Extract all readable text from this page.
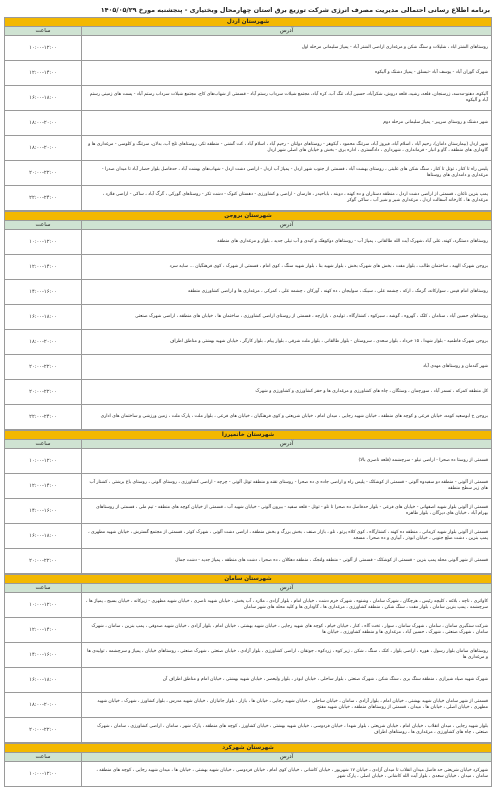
برنامه اطلاع رسانی احتمالی مدیریت مصرف انرژی شرکت توزیع برق استان چهارمحال وبختیاری - پنجشنبه مورخ ۱۴۰۵/۰۵/۲۹
شهرستان اردل
آدرس
ساعت
روستاهای الشتر اباد ، شلیلات و سنگ شکن و مرغداری اراضی الشتر آباد - پمپاژ سلیمانی مرحله اول
۱۰:۰۰-۱۲:۰۰
شهرک گوران آباد - یوسف آباد -تبسلق - پمپاژ دشتک و آلیکوه
۱۲:۰۰-۱۴:۰۰
آلیکوه، دهنو-مدسه، زرسنجان، قلعه، رشید، قلعه دروش، شکرآباد، حسین آباد، تنگ آب، کره آباد، مجتمع شیلات سرداب رستم آباد - قسمتی از شهاب‌های کاج، مجتمع شیلات سرداب رستم آباد - پست های زمینی رستم آباد و آلیکوه
۱۶:۰۰-۱۸:۰۰
شهر دشتک و روستای سرپیر - پمپاژ سلیمانی مرحله دوم
۱۸:۰۰-۲۰:۰۰
شهر اردل (بیمارستان دامان)، رحیم آباد ، اسلام آباد، فیروز آباد، سرتنگ محمود ، آبکوهر - روستاهای دولتان - رحیم آباد ، اسلام آباد ، کت گشنی - منطقه تکر، روستاهای تلخ آب، بدلان، سرتنگ و کلوسی - مرغداری ها و گاوداری های منطقه ، گاو و انبار - فرمانداری ، شهرداری ، دادگستری ، اداره برق - بخش و خیابان های اصلی شهر اردل
۱۸:۰۰-۲۰:۰۰
پلیس راه تا کنار ، توتل تا کنار ، سنگ شکن های علیتی ، روستای بهشت آباد ، قسمتی از جنوب شهر اردل - پمپاژ آب اردل - اراضی دشت اردل - شهاب‌های بهشت آباد ، حدفاصل بلوار حصار آباد تا میدان صدرا - مرغداری و دامداری های روستاها
۲۰:۰۰-۲۲:۰۰
پمپ بنزین ناغان ، قسمتی از اراضی دشت اردل ، منطقه دستاران و ده کهنه ، دوبنه ، باباحیدر ، فارسان - اراضی و کشاورزی - دهستان کنوک - دشت تکر - روستاهای گورکی ، گرگ آباد ، ساکی - اراضی فلارد ، مرغداری ها ، کارخانه آسفالت اردل ، مرغداری شیر و شیر آب ، ساکی گوکر
۲۲:۰۰-۲۴:۰۰
شهرستان بروجن
آدرس
ساعت
روستاهای دستگرد، کهنه، علی آباد ،شهرک آیت الله طالقانی ، پمپاژ آب - روستاهای دوکوهک و کیدی و آب نیلی جدید ، بلوار و مرغداری های منطقه
۱۰:۰۰-۱۲:۰۰
بروجن شهرک الهیه ، ساختمان طالب ، بلوار مفت ، بخش های شهرک بخش ، بلوار شهید بنا ، بلوار شهید سنگ ، کوی امام ، قسمتی از شهرک ، کوی فرهنگیان ... سایه سرد
۱۲:۰۰-۱۴:۰۰
روستاهای امام قیس ، سوارکانه، گرمک ، ارکه ، چشمه علی ، سیبک ، سولیجان ، ده کهنه ، آورکان ، چشمه علی ، کمرکی ، مرغداری ها و اراضی کشاورزی منطقه
۱۴:۰۰-۱۶:۰۰
روستاهای حسین آباد ، سنامان ، کلک ، گهروه ، گوشه ، سبزکوه ، کشتارگاه ، تولیدی ، بازارچه ، قسمتی از روستای اراضی کشاورزی ، ساختمان ها ، خیابان های منطقه ، اراضی شهرک صنعتی
۱۶:۰۰-۱۸:۰۰
بروجن شهرک فاطمیه - بلوار شهدا ، ۱۵ خرداد ، بلوار سعدی ، سروستان - بلوار طالقانی ، بلوار ملت شرقی ، بلوار پیام ، بلوار کارگر ، خیابان شهید بهشتی و مناطق اطراف
۱۸:۰۰-۲۰:۰۰
شهر گندمان و روستاهای مهدی آباد
۲۰:۰۰-۲۲:۰۰
کل منطقه کمرکه ، تسمر آباد ، سورچمان ، وستگان ، چاه های کشاورزی و مرغداری ها و حفر کشاورزی و کشاورزی و شهرک
۲۰:۰۰-۲۲:۰۰
بروجن خ ابوسعید کومه، خیابان فرعی و کوچه های منطقه ، خیابان شهید رجایی ، میدان امام ، خیابان شریعتی و کوی فرهنگیان ، خیابان های فرعی ، بلوار ملت ، پارک ملت ، زمین ورزشی و ساختمان های اداری
۲۲:۰۰-۲۴:۰۰
شهرستان خانمیرزا
آدرس
ساعت
قسمتی از روستا ده صحرا - اراضی نیلو - سرچشمه (قلعه ناصری بالا)
۱۰:۰۰-۱۲:۰۰
قسمتی از آلونی - منطقه دو سفیدوه آلونی - قسمتی از کوشکک - پلیس راه و اراضی جاده ی ده صحرا - روستای نقنه و منطقه توتل آلونی - چرچه - اراضی کشاورزی ، روستای آلونی ، روستای باغ برشتی ، کشتار آب های زیر سطح منطقه
۱۲:۰۰-۱۴:۰۰
قسمتی از آلونی بلوار شهید اصفهانی - خیابان های فرعی - بلوار حدفاصل ده صحرا تا نلو - توتل - قلعه سفید - بیرون آلونی - خیابان شهید آب ، قسمتی از خیابان کوچه های منطقه - تیم ملی ، قسمتی از روستاهای بهرام آباد ، خیابان های دیزگان ، بلوار طاهره
۱۴:۰۰-۱۶:۰۰
قسمتی از آلونی بلوار شهید کرمانی ، منطقه ده کهنه ، کشتارگاه ، کوی کلاه پرتو ، نلو ، بازار صنف ، بخش بزرگ و بخش منطقه ، اراضی دشت آلونی ، شهرک کوثر ، قسمتی از مجتمع گسترش ، خیابان شهید مطهری ، پمپ بنزین ، دشت ضلع جنوبی ، خیابان ابوذر ، آبیاری و ده صحرا ، مسجد
۱۶:۰۰-۱۸:۰۰
قسمتی از شهر آلونی محله پمپ بنزین - قسمتی از کوشکک - قسمتی از آلونی - منطقه ولنجک ، منطقه دهکلان ، ده صحرا ، دشت های منطقه ، پمپاژ جدید - دشت جمال
۲۰:۰۰-۲۲:۰۰
شهرستان سامان
آدرس
ساعت
کاواتری ، ناچه ، بلاغه ، کلیچه رئیس ، هرچگان ، شهرک سامان ، وشنوه ، شهرک خرم دشت ، خیابان امام ، بلوار آزادی ، ملارد ، آب پخش ، خیابان شهید ناصری ، خیابان شهید مطهری - زیرکانه ، خیابان بسیج ، پمپاژ ها ، سرچشمه ، پمپ بنزین سامان ، بلوار مفت ، سنگ شکن ، منطقه کشاورزی ، مرغداری ها ، گاوداری ها و کلیه محله های شهر سامان
۱۰:۰۰-۱۲:۰۰
شرکت سنگبری سامان ، سامان ، شهرک سامان ، سوار ، تخت گاه ، کنار ، خیابان خیام ، کوچه های شهید رجایی ، خیابان شهید بهشتی ، خیابان امام ، بلوار آزادی ، خیابان شهید صدوقی ، پمپ بنزین ، سامان ، شهرک سامان ، شهرک صنعتی ، شهرک ، حسین آباد ، مرغداری ها و منطقه کشاورزی ، خیابان ها
۱۲:۰۰-۱۴:۰۰
روستاهای سامان بلوار رسول ، هوره ، اراضی بلوار ، کتک ، سنگ ، شکن ، زیر کوه ، زردکوه ، جونقان ، اراضی کشاورزی ، بلوار آزادی ، خیابان صنعتی ، شهرک صنعتی ، روستاهای خیابان ، پمپاژ و سرچشمه ، تولیدی ها و مرغداری ها
۱۴:۰۰-۱۶:۰۰
شهرک شهید صیاد شیرازی ، منطقه سنگ بری ، سنگ شکن ، شهرک صنعتی ، بلوار ساحلی ، خیابان ابوذر ، بلوار ولیعصر ، خیابان شهید بهشتی ، خیابان امام و مناطق اطراف آن
۱۶:۰۰-۱۸:۰۰
قسمتی از شهر سامان خیابان شهید بهشتی ، خیابان امام ، بلوار آزادی ، سامان ، خیابان ساحلی ، خیابان شهید رجایی ، خیابان ها ، بازار ، بلوار جانبازان ، خیابان شهید مدرس ، بلوار کشاورز ، شهرک ، خیابان شهید مطهری ، خیابان اصلی ، خیابان ها ، میدان ، قسمتی از روستاهای منطقه ، خیابان شهید مفتح
۱۸:۰۰-۲۰:۰۰
بلوار شهید رجایی ، میدان انقلاب ، خیابان امام ، خیابان شریعتی ، بلوار شهدا ، خیابان فردوسی ، خیابان شهید بهشتی ، خیابان کشاورز ، کوچه های منطقه ، پارک شهر ، سامان ، اراضی کشاورزی ، سامان ، شهرک صنعتی ، چاه های کشاورزی ، مرغداری ها ، روستاهای اطراف
۲۰:۰۰-۲۲:۰۰
شهرستان شهرکرد
آدرس
ساعت
شهرکرد خیابان شریعتی حد فاصل میدان انقلاب تا میدان آزادی ، خیابان ۱۷ شهریور ، خیابان کاشانی ، خیابان کوی امام ، خیابان فردوسی ، خیابان شهید بهشتی ، خیابان ها ، میدان شهید رجایی ، کوچه های منطقه ، سامان ، میدان ، خیابان سعدی ، بلوار آیت الله کاشانی ، خیابان اصلی ، پارک شهر
۱۰:۰۰-۱۲:۰۰
